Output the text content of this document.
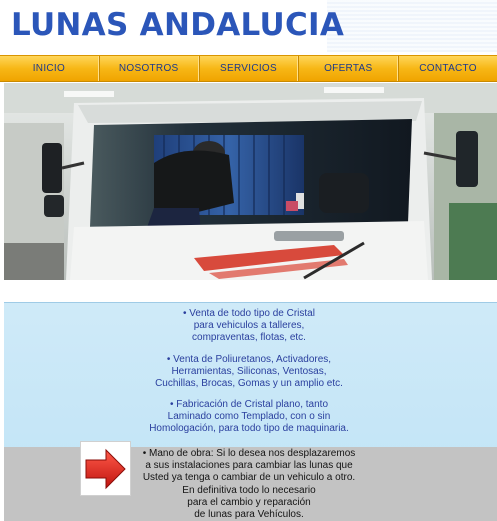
LUNAS ANDALUCIA
INICIO	NOSOTROS	SERVICIOS	OFERTAS	CONTACTO
• Venta de todo tipo de Cristal
para vehiculos a talleres,
compraventas, flotas, etc.
• Venta de Poliuretanos, Activadores,
Herramientas, Siliconas, Ventosas,
Cuchillas, Brocas, Gomas y un amplio etc.
• Fabricación de Cristal plano, tanto
Laminado como Templado, con o sin
Homologación, para todo tipo de maquinaria.
• Mano de obra: Si lo desea nos desplazaremos
a sus instalaciones para cambiar las lunas que
Usted ya tenga o cambiar de un vehiculo a otro.
En definitiva todo lo necesario
para el cambio y reparación
de lunas para Vehículos.
